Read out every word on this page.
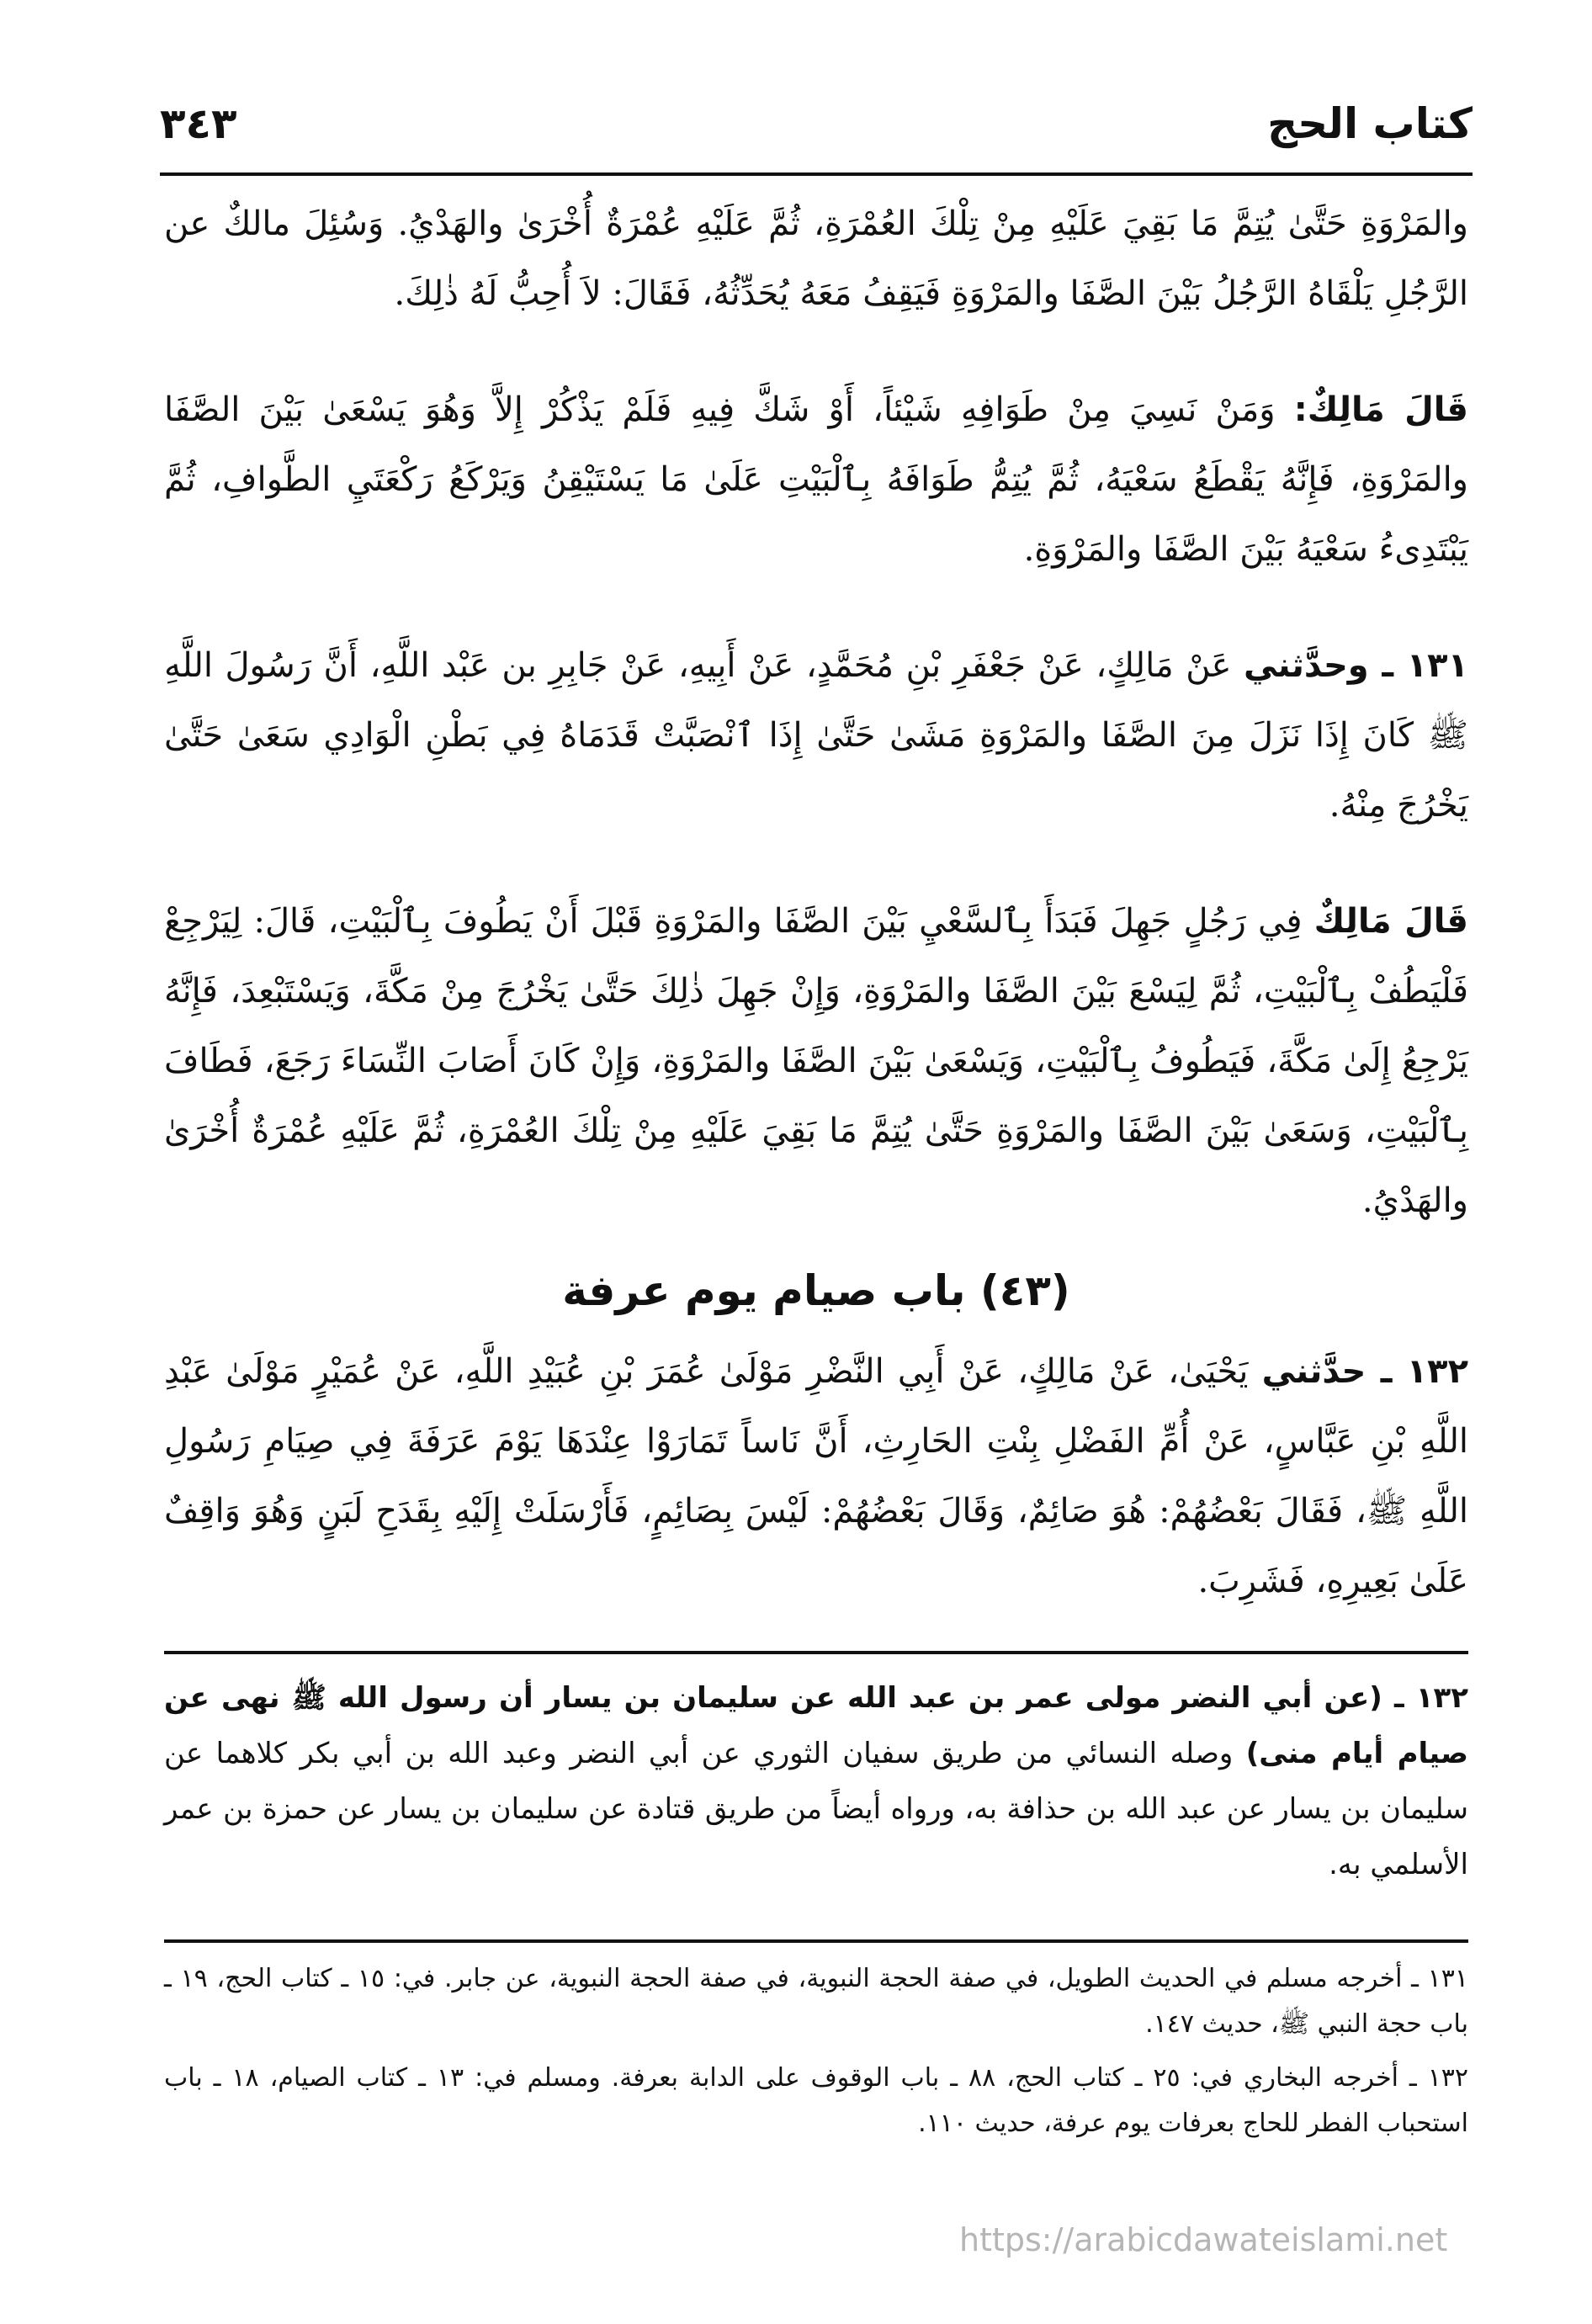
كتاب الحج
٣٤٣

والمَرْوَةِ حَتَّىٰ يُتِمَّ مَا بَقِيَ عَلَيْهِ مِنْ تِلْكَ العُمْرَةِ، ثُمَّ عَلَيْهِ عُمْرَةٌ أُخْرَىٰ والهَدْيُ. وَسُئِلَ مالكٌ عن الرَّجُلِ يَلْقَاهُ الرَّجُلُ بَيْنَ الصَّفَا والمَرْوَةِ فَيَقِفُ مَعَهُ يُحَدِّثُهُ، فَقَالَ: لاَ أُحِبُّ لَهُ ذٰلِكَ.

قَالَ مَالِكٌ: وَمَنْ نَسِيَ مِنْ طَوَافِهِ شَيْئاً، أَوْ شَكَّ فِيهِ فَلَمْ يَذْكُرْ إِلاَّ وَهُوَ يَسْعَىٰ بَيْنَ الصَّفَا والمَرْوَةِ، فَإِنَّهُ يَقْطَعُ سَعْيَهُ، ثُمَّ يُتِمُّ طَوَافَهُ بِٱلْبَيْتِ عَلَىٰ مَا يَسْتَيْقِنُ وَيَرْكَعُ رَكْعَتَيِ الطَّوافِ، ثُمَّ يَبْتَدِىءُ سَعْيَهُ بَيْنَ الصَّفَا والمَرْوَةِ.

١٣١ ـ وحدَّثني عَنْ مَالِكٍ، عَنْ جَعْفَرِ بْنِ مُحَمَّدٍ، عَنْ أَبِيهِ، عَنْ جَابِرِ بن عَبْد اللَّهِ، أَنَّ رَسُولَ اللَّهِ ﷺ كَانَ إِذَا نَزَلَ مِنَ الصَّفَا والمَرْوَةِ مَشَىٰ حَتَّىٰ إِذَا ٱنْصَبَّتْ قَدَمَاهُ فِي بَطْنِ الْوَادِي سَعَىٰ حَتَّىٰ يَخْرُجَ مِنْهُ.

قَالَ مَالِكٌ فِي رَجُلٍ جَهِلَ فَبَدَأَ بِٱلسَّعْيِ بَيْنَ الصَّفَا والمَرْوَةِ قَبْلَ أَنْ يَطُوفَ بِٱلْبَيْتِ، قَالَ: لِيَرْجِعْ فَلْيَطُفْ بِٱلْبَيْتِ، ثُمَّ لِيَسْعَ بَيْنَ الصَّفَا والمَرْوَةِ، وَإِنْ جَهِلَ ذٰلِكَ حَتَّىٰ يَخْرُجَ مِنْ مَكَّةَ، وَيَسْتَبْعِدَ، فَإِنَّهُ يَرْجِعُ إِلَىٰ مَكَّةَ، فَيَطُوفُ بِٱلْبَيْتِ، وَيَسْعَىٰ بَيْنَ الصَّفَا والمَرْوَةِ، وَإِنْ كَانَ أَصَابَ النِّسَاءَ رَجَعَ، فَطَافَ بِٱلْبَيْتِ، وَسَعَىٰ بَيْنَ الصَّفَا والمَرْوَةِ حَتَّىٰ يُتِمَّ مَا بَقِيَ عَلَيْهِ مِنْ تِلْكَ العُمْرَةِ، ثُمَّ عَلَيْهِ عُمْرَةٌ أُخْرَىٰ والهَدْيُ.

(٤٣) باب صيام يوم عرفة

١٣٢ ـ حدَّثني يَحْيَىٰ، عَنْ مَالِكٍ، عَنْ أَبِي النَّضْرِ مَوْلَىٰ عُمَرَ بْنِ عُبَيْدِ اللَّهِ، عَنْ عُمَيْرٍ مَوْلَىٰ عَبْدِ اللَّهِ بْنِ عَبَّاسٍ، عَنْ أُمِّ الفَضْلِ بِنْتِ الحَارِثِ، أَنَّ نَاساً تَمَارَوْا عِنْدَهَا يَوْمَ عَرَفَةَ فِي صِيَامِ رَسُولِ اللَّهِ ﷺ، فَقَالَ بَعْضُهُمْ: هُوَ صَائِمٌ، وَقَالَ بَعْضُهُمْ: لَيْسَ بِصَائِمٍ، فَأَرْسَلَتْ إِلَيْهِ بِقَدَحِ لَبَنٍ وَهُوَ وَاقِفٌ عَلَىٰ بَعِيرِهِ، فَشَرِبَ.

١٣٢ ـ (عن أبي النضر مولى عمر بن عبد الله عن سليمان بن يسار أن رسول الله ﷺ نهى عن صيام أيام منى) وصله النسائي من طريق سفيان الثوري عن أبي النضر وعبد الله بن أبي بكر كلاهما عن سليمان بن يسار عن عبد الله بن حذافة به، ورواه أيضاً من طريق قتادة عن سليمان بن يسار عن حمزة بن عمر الأسلمي به.

١٣١ ـ أخرجه مسلم في الحديث الطويل، في صفة الحجة النبوية، في صفة الحجة النبوية، عن جابر. في: ١٥ ـ كتاب الحج، ١٩ ـ باب حجة النبي ﷺ، حديث ١٤٧.

١٣٢ ـ أخرجه البخاري في: ٢٥ ـ كتاب الحج، ٨٨ ـ باب الوقوف على الدابة بعرفة. ومسلم في: ١٣ ـ كتاب الصيام، ١٨ ـ باب استحباب الفطر للحاج بعرفات يوم عرفة، حديث ١١٠.

https://arabicdawateislami.net
